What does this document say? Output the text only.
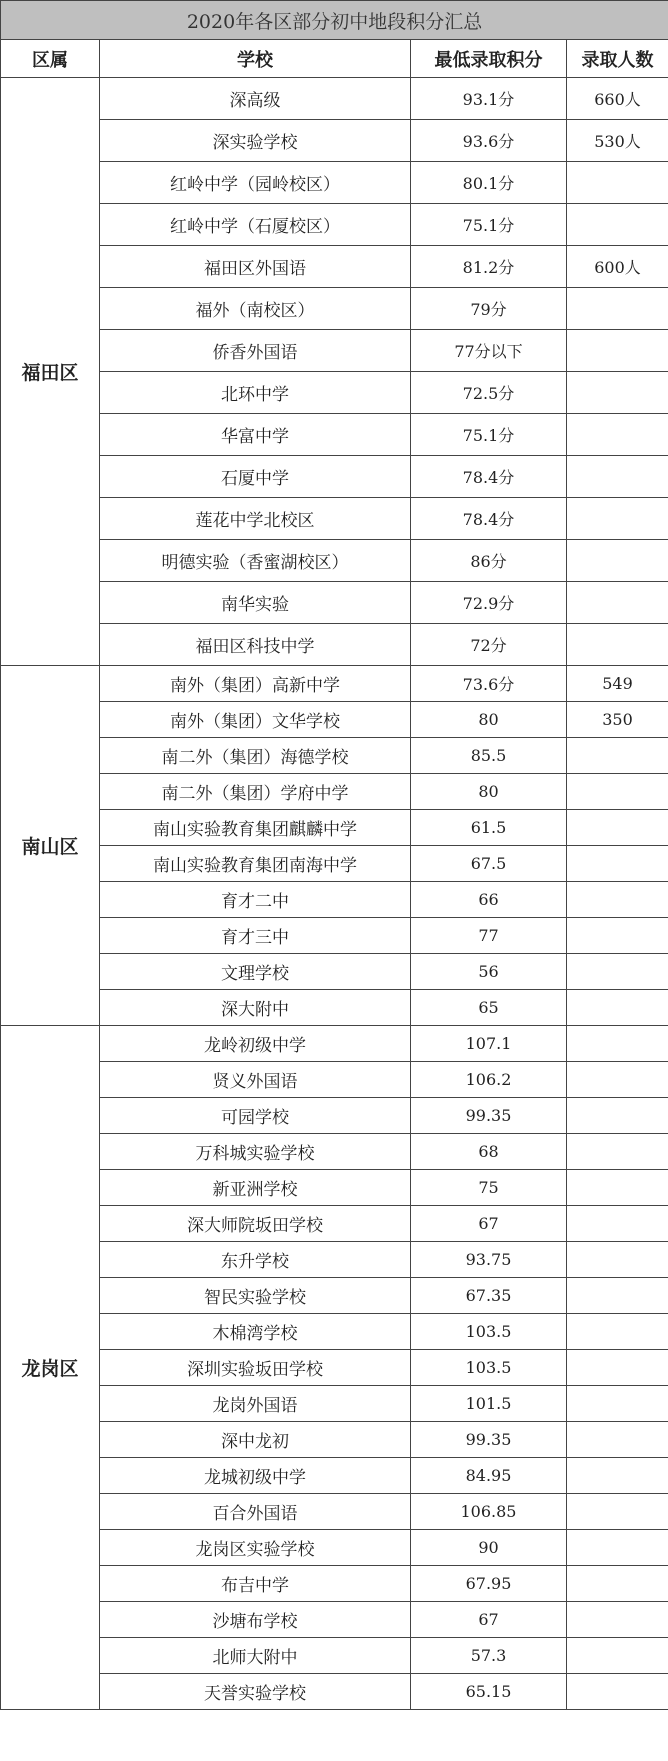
2020年各区部分初中地段积分汇总			
区属	学校	最低录取积分	录取人数
福田区	深高级	93.1分	660人
	深实验学校	93.6分	530人
	红岭中学（园岭校区）	80.1分	
	红岭中学（石厦校区）	75.1分	
	福田区外国语	81.2分	600人
	福外（南校区）	79分	
	侨香外国语	77分以下	
	北环中学	72.5分	
	华富中学	75.1分	
	石厦中学	78.4分	
	莲花中学北校区	78.4分	
	明德实验（香蜜湖校区）	86分	
	南华实验	72.9分	
	福田区科技中学	72分	
南山区	南外（集团）高新中学	73.6分	549
	南外（集团）文华学校	80	350
	南二外（集团）海德学校	85.5	
	南二外（集团）学府中学	80	
	南山实验教育集团麒麟中学	61.5	
	南山实验教育集团南海中学	67.5	
	育才二中	66	
	育才三中	77	
	文理学校	56	
	深大附中	65	
龙岗区	龙岭初级中学	107.1	
	贤义外国语	106.2	
	可园学校	99.35	
	万科城实验学校	68	
	新亚洲学校	75	
	深大师院坂田学校	67	
	东升学校	93.75	
	智民实验学校	67.35	
	木棉湾学校	103.5	
	深圳实验坂田学校	103.5	
	龙岗外国语	101.5	
	深中龙初	99.35	
	龙城初级中学	84.95	
	百合外国语	106.85	
	龙岗区实验学校	90	
	布吉中学	67.95	
	沙塘布学校	67	
	北师大附中	57.3	
	天誉实验学校	65.15	
